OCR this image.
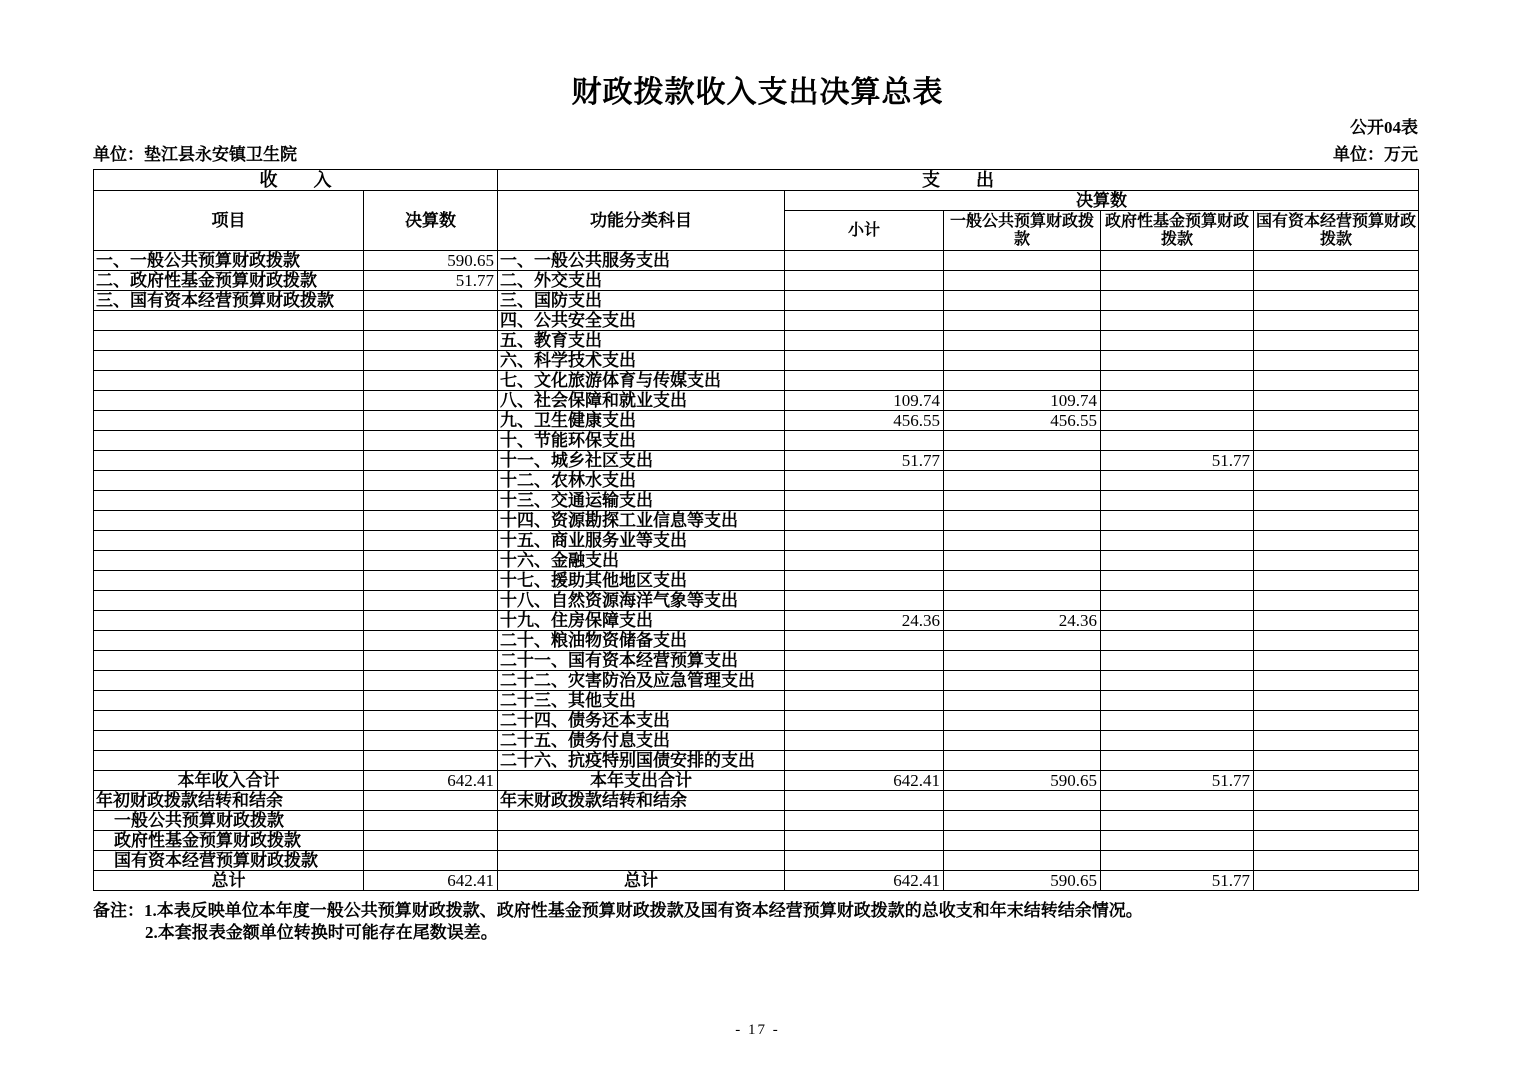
财政拨款收入支出决算总表
公开04表
单位：垫江县永安镇卫生院	单位：万元
收　　入		支　　出				
项目	决算数	功能分类科目	决算数			
			小计	一般公共预算财政拨款	政府性基金预算财政拨款	国有资本经营预算财政拨款
一、一般公共预算财政拨款	590.65	一、一般公共服务支出				
二、政府性基金预算财政拨款	51.77	二、外交支出				
三、国有资本经营预算财政拨款		三、国防支出				
		四、公共安全支出				
		五、教育支出				
		六、科学技术支出				
		七、文化旅游体育与传媒支出				
		八、社会保障和就业支出	109.74	109.74		
		九、卫生健康支出	456.55	456.55		
		十、节能环保支出				
		十一、城乡社区支出	51.77		51.77	
		十二、农林水支出				
		十三、交通运输支出				
		十四、资源勘探工业信息等支出				
		十五、商业服务业等支出				
		十六、金融支出				
		十七、援助其他地区支出				
		十八、自然资源海洋气象等支出				
		十九、住房保障支出	24.36	24.36		
		二十、粮油物资储备支出				
		二十一、国有资本经营预算支出				
		二十二、灾害防治及应急管理支出				
		二十三、其他支出				
		二十四、债务还本支出				
		二十五、债务付息支出				
		二十六、抗疫特别国债安排的支出				
本年收入合计	642.41	本年支出合计	642.41	590.65	51.77	
年初财政拨款结转和结余		年末财政拨款结转和结余				
一般公共预算财政拨款						
政府性基金预算财政拨款						
国有资本经营预算财政拨款						
总计	642.41	总计	642.41	590.65	51.77	
备注：1.本表反映单位本年度一般公共预算财政拨款、政府性基金预算财政拨款及国有资本经营预算财政拨款的总收支和年末结转结余情况。
2.本套报表金额单位转换时可能存在尾数误差。
- 17 -
